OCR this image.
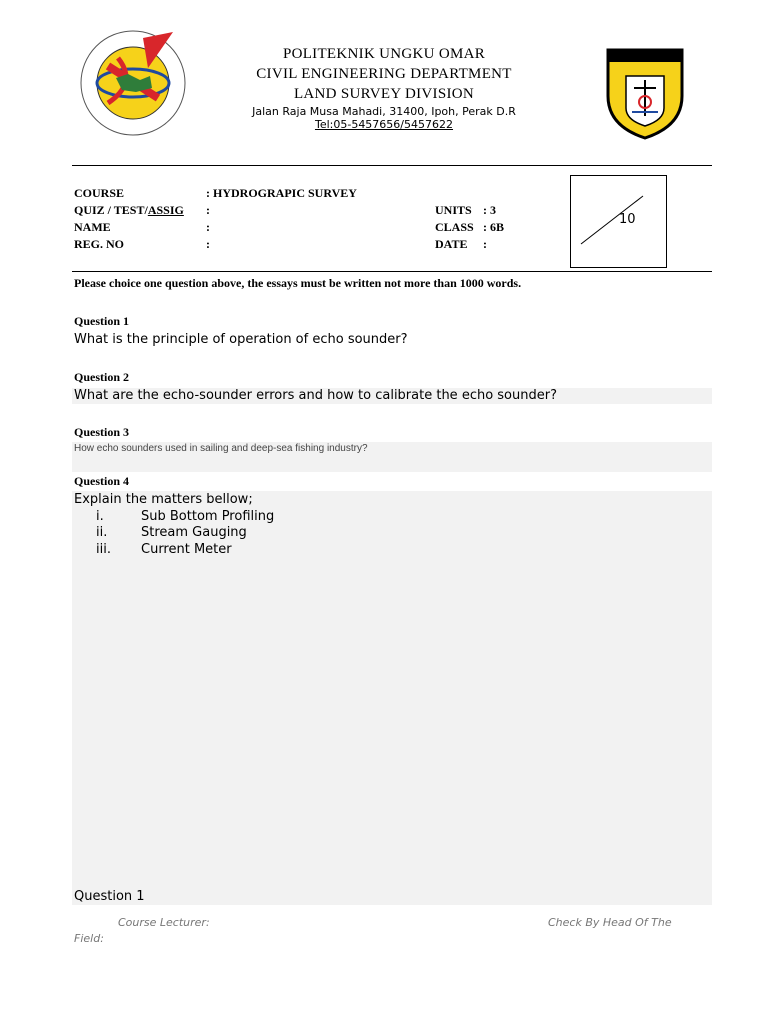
POLITEKNIK UNGKU OMAR
CIVIL ENGINEERING DEPARTMENT
LAND SURVEY DIVISION
Jalan Raja Musa Mahadi, 31400, Ipoh, Perak D.R
Tel:05-5457656/5457622
COURSE	: HYDROGRAPIC SURVEY
QUIZ / TEST/ASSIG :
NAME	:
REG. NO	:
UNITS : 3
CLASS : 6B
DATE :
10
Please choice one question above, the essays must be written not more than 1000 words.
Question 1
What is the principle of operation of echo sounder?
Question 2
What are the echo-sounder errors and how to calibrate the echo sounder?
Question 3
How echo sounders used in sailing and deep-sea fishing industry?
Question 4
Explain the matters bellow;
i.	Sub Bottom Profiling
ii.	Stream Gauging
iii. Current Meter
Question 1
Course Lecturer:	Check By Head Of The
Field:
